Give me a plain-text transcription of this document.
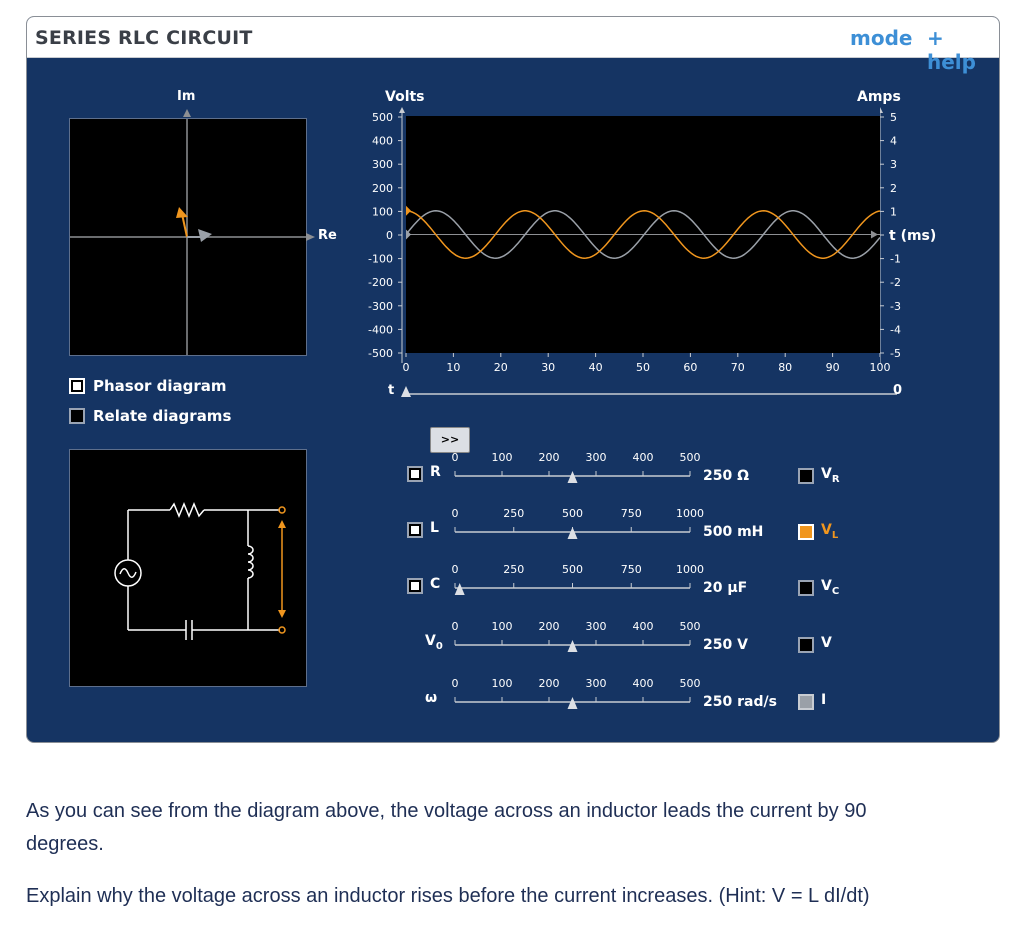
SERIES RLC CIRCUIT	mode + help
Im
Re
Phasor diagram
Relate diagrams
Volts	Amps
500
400
300
200
100
0
-100
-200
-300
-400
-500
5
4
3
2
1
-1
-2
-3
-4
-5
0	10	20	30	40	50	60	70	80	90	100
t (ms)
t	0
>>
R
0	100 200 300 400 500
250 Ω
L
0	250	500	750	1000
500 mH
C
0	250	500	750	1000
20 μF
$V_0$
0	100 200 300 400 500
250 V
ω
0	100 200 300 400 500
250 rad/s
$V_R$
$V_L$
$V_C$
V
I
As you can see from the diagram above, the voltage across an inductor leads the current by 90
degrees.
Explain why the voltage across an inductor rises before the current increases. (Hint: V = L dI/dt)
